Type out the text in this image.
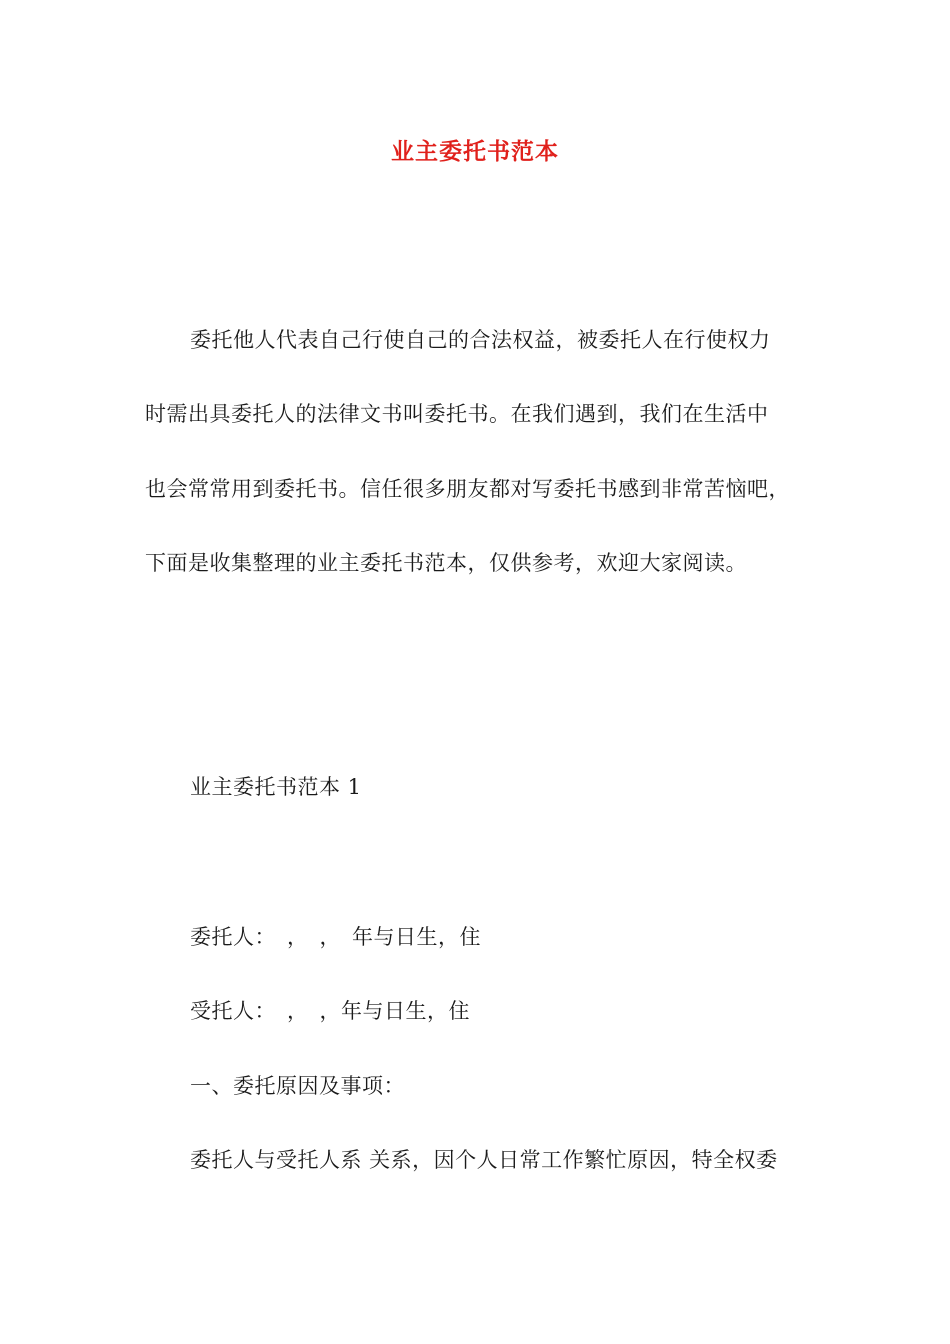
业主委托书范本
委托他人代表自己行使自己的合法权益，被委托人在行使权力
时需出具委托人的法律文书叫委托书。在我们遇到，我们在生活中
也会常常用到委托书。信任很多朋友都对写委托书感到非常苦恼吧，
下面是收集整理的业主委托书范本，仅供参考，欢迎大家阅读。
业主委托书范本 1
委托人：　，　，　年与日生，住
受托人：　，　，年与日生，住
一、委托原因及事项：
委托人与受托人系 关系，因个人日常工作繁忙原因，特全权委
